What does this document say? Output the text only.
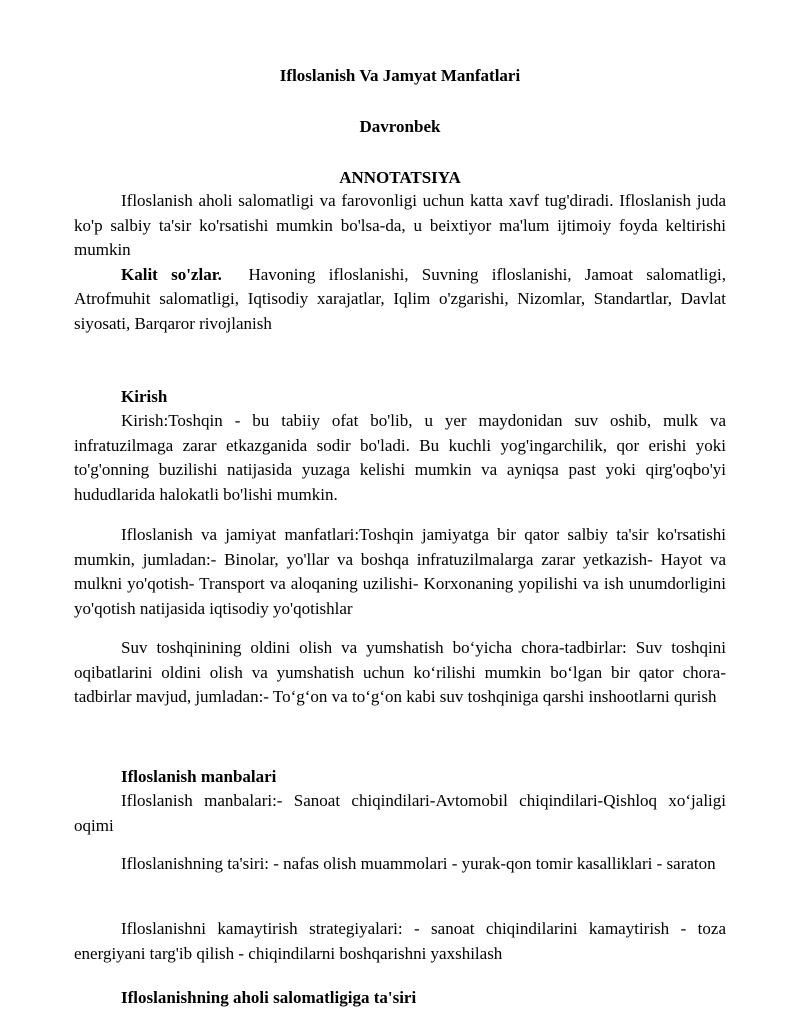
Ifloslanish Va Jamyat Manfatlari
Davronbek
ANNOTATSIYA

Ifloslanish aholi salomatligi va farovonligi uchun katta xavf tug'diradi. Ifloslanish juda ko'p salbiy ta'sir ko'rsatishi mumkin bo'lsa-da, u beixtiyor ma'lum ijtimoiy foyda keltirishi mumkin

Kalit so'zlar. Havoning ifloslanishi, Suvning ifloslanishi, Jamoat salomatligi, Atrofmuhit salomatligi, Iqtisodiy xarajatlar, Iqlim o'zgarishi, Nizomlar, Standartlar, Davlat siyosati, Barqaror rivojlanish

Kirish

Kirish:Toshqin - bu tabiiy ofat bo'lib, u yer maydonidan suv oshib, mulk va infratuzilmaga zarar etkazganida sodir bo'ladi. Bu kuchli yog'ingarchilik, qor erishi yoki to'g'onning buzilishi natijasida yuzaga kelishi mumkin va ayniqsa past yoki qirg'oqbo'yi hududlarida halokatli bo'lishi mumkin.

Ifloslanish va jamiyat manfatlari:Toshqin jamiyatga bir qator salbiy ta'sir ko'rsatishi mumkin, jumladan:- Binolar, yo'llar va boshqa infratuzilmalarga zarar yetkazish- Hayot va mulkni yo'qotish- Transport va aloqaning uzilishi- Korxonaning yopilishi va ish unumdorligini yo'qotish natijasida iqtisodiy yo'qotishlar

Suv toshqinining oldini olish va yumshatish bo‘yicha chora-tadbirlar: Suv toshqini oqibatlarini oldini olish va yumshatish uchun ko‘rilishi mumkin bo‘lgan bir qator chora-tadbirlar mavjud, jumladan:- To‘g‘on va to‘g‘on kabi suv toshqiniga qarshi inshootlarni qurish

Ifloslanish manbalari

Ifloslanish manbalari:- Sanoat chiqindilari-Avtomobil chiqindilari-Qishloq xo‘jaligi oqimi

Ifloslanishning ta'siri: - nafas olish muammolari - yurak-qon tomir kasalliklari - saraton

Ifloslanishni kamaytirish strategiyalari: - sanoat chiqindilarini kamaytirish - toza energiyani targ'ib qilish - chiqindilarni boshqarishni yaxshilash

Ifloslanishning aholi salomatligiga ta'siri
